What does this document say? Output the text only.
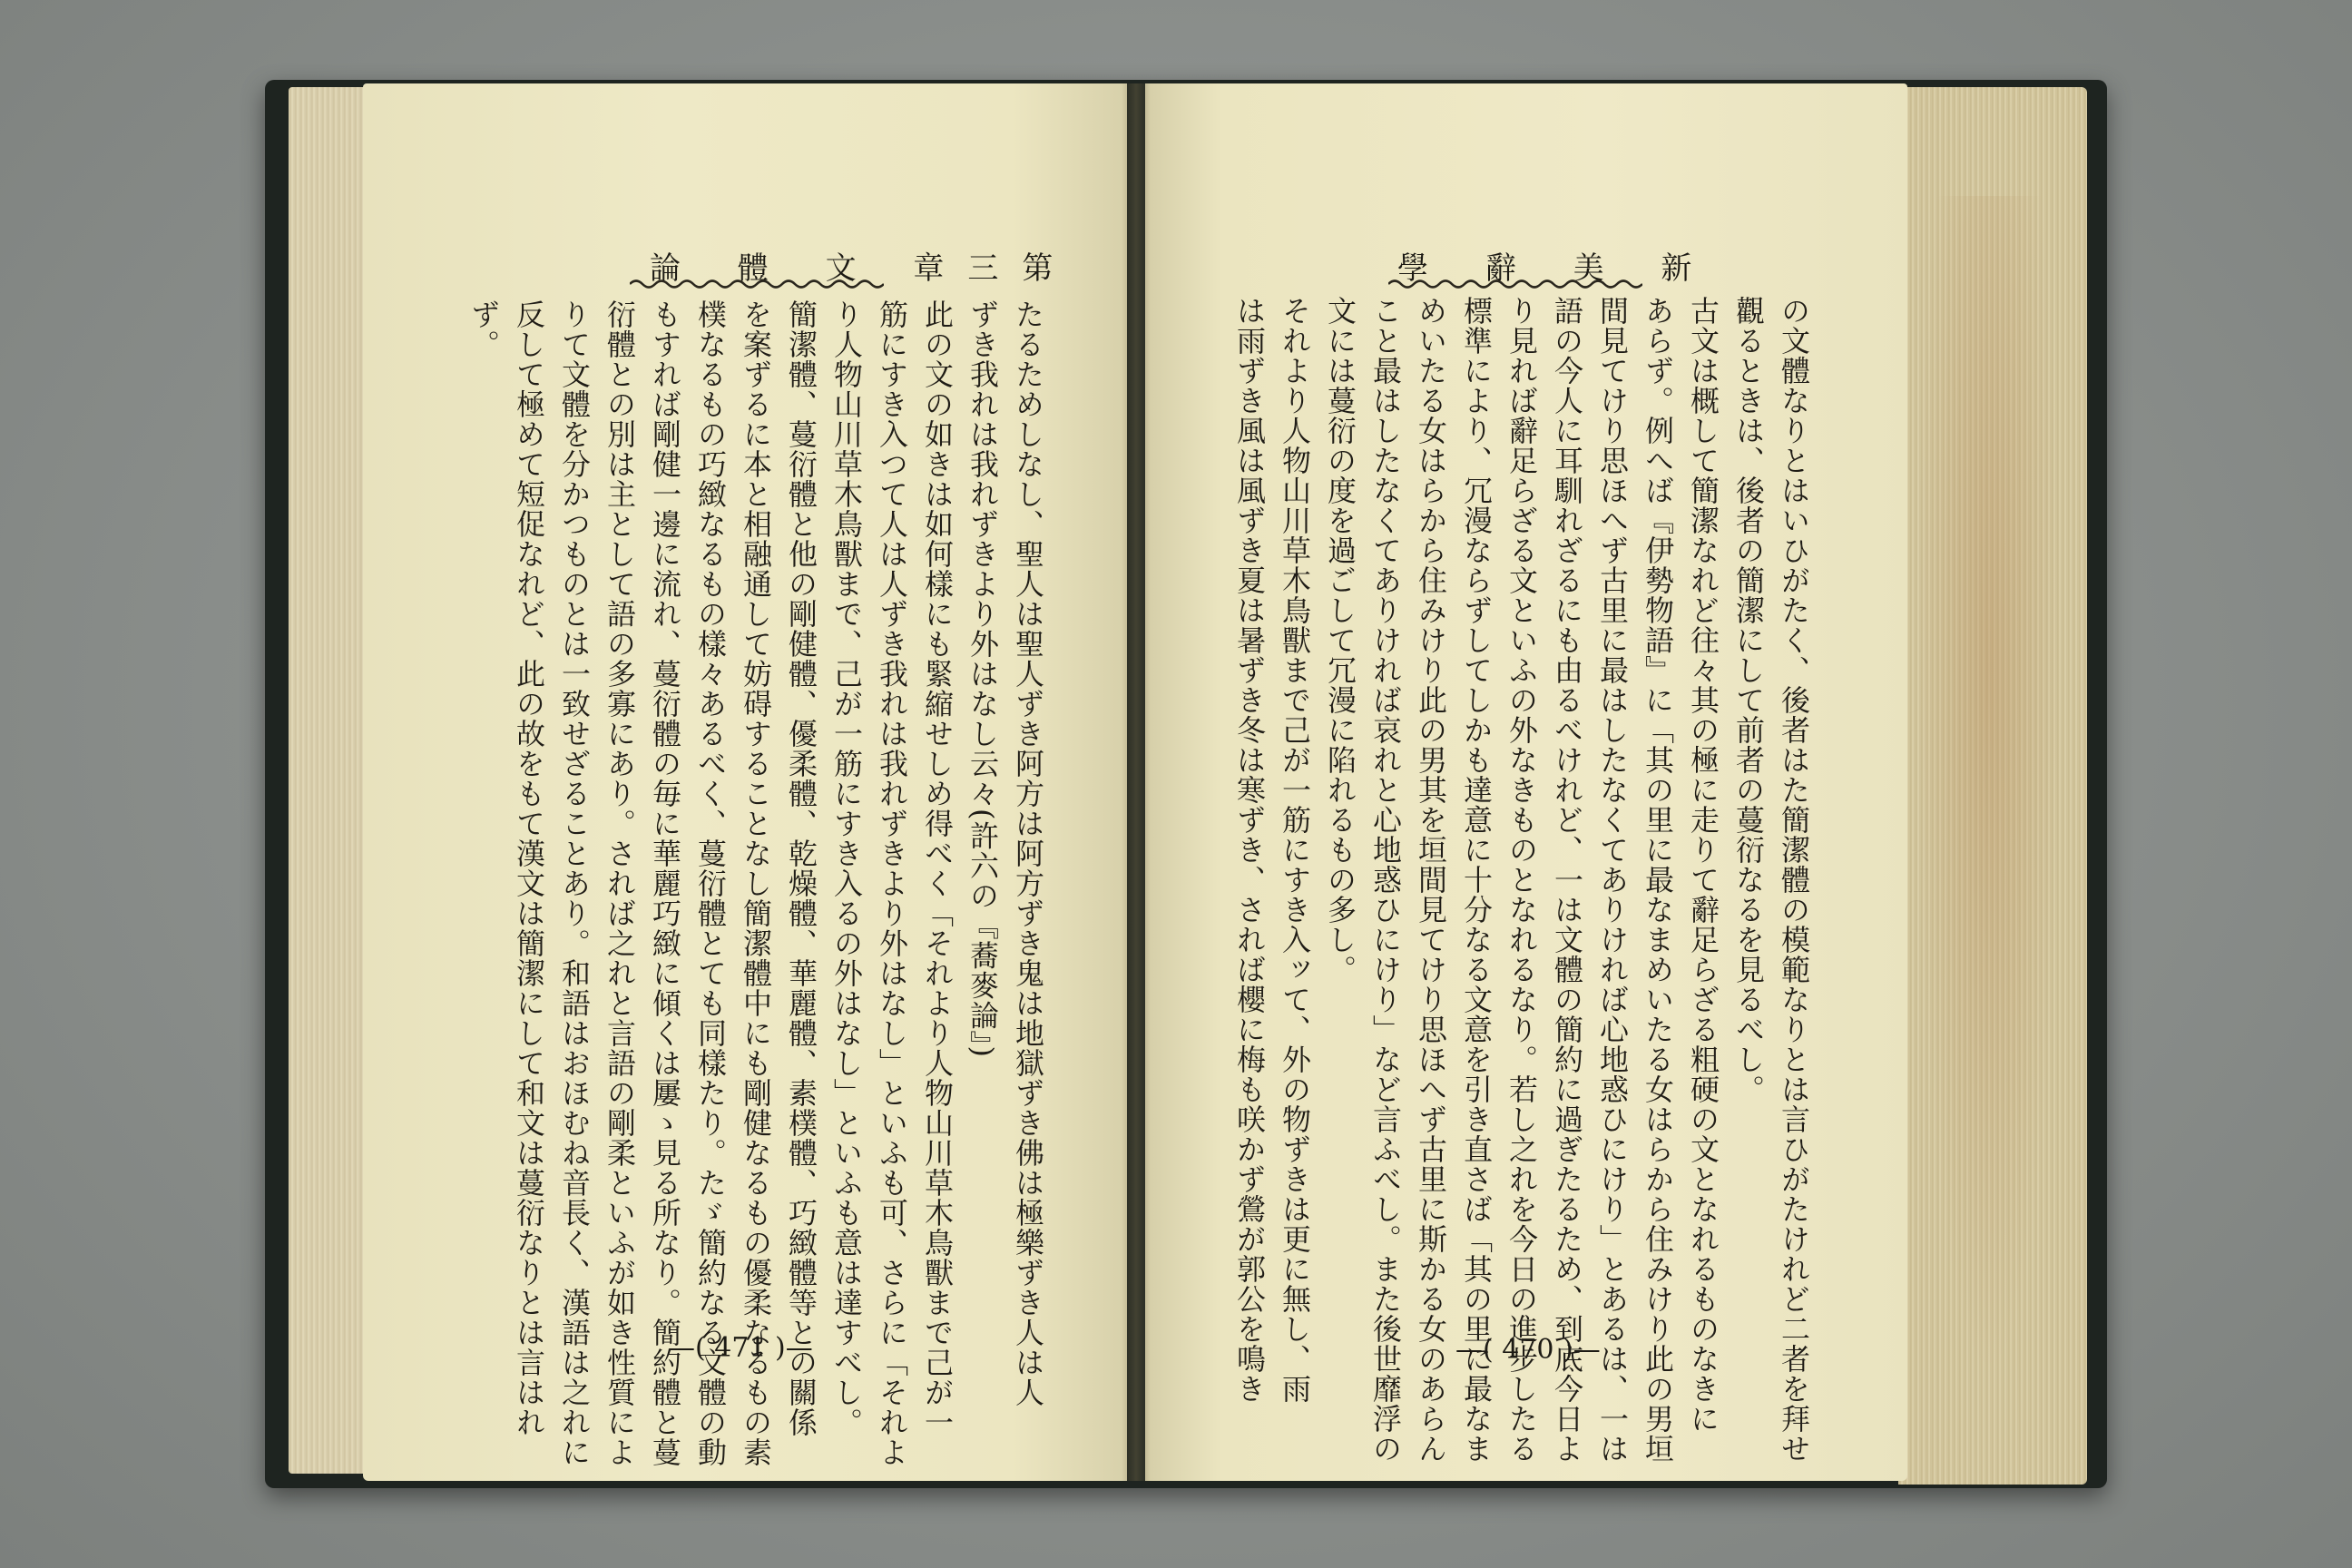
論 體 文 章三第
たるためしなし、聖人は聖人ずき阿方は阿方ずき鬼は地獄ずき佛は極樂ずき人は人
ずき我れは我れずきより外はなし云々(許六の『蕎麥論』)
此の文の如きは如何樣にも緊縮せしめ得べく「それより人物山川草木鳥獸まで己が一
筋にすき入つて人は人ずき我れは我れずきより外はなし」といふも可、さらに「それよ
り人物山川草木鳥獸まで、己が一筋にすき入るの外はなし」といふも意は達すべし。
簡潔體、蔓衍體と他の剛健體、優柔體、乾燥體、華麗體、素樸體、巧緻體等との關係
を案ずるに本と相融通して妨碍することなし簡潔體中にも剛健なるもの優柔なるもの素
樸なるもの巧緻なるもの樣々あるべく、蔓衍體とても同樣たり。たゞ簡約なる文體の動
もすれば剛健一邊に流れ、蔓衍體の毎に華麗巧緻に傾くは屢ゝ見る所なり。簡約體と蔓
衍體との別は主として語の多寡にあり。されば之れと言語の剛柔といふが如き性質によ
りて文體を分かつものとは一致せざることあり。和語はおほむね音長く、漢語は之れに
反して極めて短促なれど、此の故をもて漢文は簡潔にして和文は蔓衍なりとは言はれ
ず。
—( 471 )—
學 辭 美 新
の文體なりとはいひがたく、後者はた簡潔體の模範なりとは言ひがたけれど二者を拜せ
觀るときは、後者の簡潔にして前者の蔓衍なるを見るべし。
古文は概して簡潔なれど往々其の極に走りて辭足らざる粗硬の文となれるものなきに
あらず。例へば『伊勢物語』に「其の里に最なまめいたる女はらから住みけり此の男垣
間見てけり思ほへず古里に最はしたなくてありければ心地惑ひにけり」とあるは、一は
語の今人に耳馴れざるにも由るべけれど、一は文體の簡約に過ぎたるため、到底今日よ
り見れば辭足らざる文といふの外なきものとなれるなり。若し之れを今日の進步したる
標準により、冗漫ならずしてしかも達意に十分なる文意を引き直さば「其の里に最なま
めいたる女はらから住みけり此の男其を垣間見てけり思ほへず古里に斯かる女のあらん
こと最はしたなくてありければ哀れと心地惑ひにけり」など言ふべし。また後世靡浮の
文には蔓衍の度を過ごして冗漫に陷れるもの多し。
それより人物山川草木鳥獸まで己が一筋にすき入ッて、外の物ずきは更に無し、雨
は雨ずき風は風ずき夏は暑ずき冬は寒ずき、されば櫻に梅も咲かず鶯が郭公を鳴き	—( 470 )—
